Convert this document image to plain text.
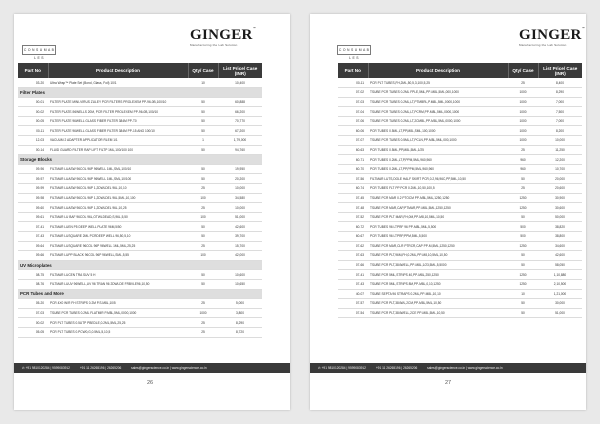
C O N S U M A B L E S
GINGER™
Manufacturing the Lab Solution
Part No	Product Description	Qty/ Case	List Price/ Case (INR)
03-20	Ultra Wrap™ Plate Set (Bond, Glass, Foil) 10/1	10	10,400
Filter Plates			
00-01	FILTER PLATE MINI-VIRUS ZULEY PCR FILTERS PROLEXEM PP-96-0B,100/10	50	60,888
00-02	FILTER PLATE-96WELLS 20M, PCR FILTER PROLEXEM PP-96-0B,100/10	50	66,200
00-05	FILTER PLATE 96WELL GLASS FIBER FILTER 384M PP-T0	50	70,770
00-11	FILTER PLATE 96WELL GLASS FIBER FILTER 384M PP-15 ANG 100/10	50	67,200
12-03	VACUUM 2 ADAPTER APPLICATOR RLEM 1/1	1	1,79,000
00-14	FLUID GUARD FILTER RAP LIFT FILTP 1ML,100/100 100	50	94,760
Storage Blocks			
09-96	FILTMAR LUASW 96COL 96P 96WELL 1ML,SML,100/10	50	19,950
09-97	FILTMAR LUASW 96COL 96P 96WELL 1ML,SML,10/100	50	20,200
09-99	FILTMAR LUASW 96COL 96P 1,2DWLDEL 96L,10,10	25	10,000
09-98	FILTMAR LUASW 96COL 96P 1,2DWLDEL 96L,5ML,10,100	100	34,580
09-60	FILTMAR LUASW 96COL 96P 1,2DWLDEL 96L,10,25	25	10,000
09-61	FILTMAR LU BAF 96COL 96L,OTWLDEAD,S,96L,5,50	100	51,000
07-41	FILTMAR LUEN P5 DEEP WELL PLATE 96M,5/50	50	42,600
07-43	FILTMAR LUSQUARE 2ML PCRDEEP WELL 96,50,5,10	50	39,700
09-64	FILTMAR LUSQUARE 96COL 96P 96WELL 1ML,5ML,25,25	25	15,700
09-66	FILTMAR LUPP BLACK 96COL 96P 96WELL,SML,5,55	100	42,000
UV Microplates			
08-75	FILTMAR LUCEN TRA SUV 5 H	50	10,600
08-76	FILTMAR LUUV 96WELL,UV 96 TRAN 96 2DWLDE FRBVLE96,10,50	50	10,650
PCR Tubes and More			
05-20	PCR 4X0 W/R FH STRIPS 0.2M P.S.M8L,10/5	25	5,000
07-03	TSUBE PCR TUBES 0.2ML FLATMIR P.M8L,5ML,0000,1000	1000	3,800
00-02	PCR PLT TUBES 0.5UTP PBEDLE,0.2ML,5ML,25,25	25	8,290
05-05	PCR PLT TUBES 0.PCW0,G,0.5ML,5,10,5	25	8,720
✆ +91 9810120284 | 9599083912	+91 11 26265196 | 26265206	sales@gingerscience.co.in | www.gingerscience.co.in
26
C O N S U M A B L E S
GINGER™
Manufacturing the Lab Solution
Part No	Product Description	Qty/ Case	List Price/ Case (INR)
00-11	PCR PLT TUBES,FH,2ML,50,5,3,100,5,25	25	8,400
07-02	TSUBE PCR TUBES 0.2ML FPLE,5ML,PP-M8L,5ML,000,1000	1000	8,290
07-03	TSUBE PCR TUBES 0.2ML,LT,PTMBRL,P.M8L,5ML,0000,1000	1000	7,000
07-04	TSUBE PCR TUBES 0.2ML,LT,PCRM,PP-M8L,5ML,0000,1000	1000	7,500
07-06	TSUBE PCR TUBES 0.2ML,LT,2CMBL,PP-M8L,5ML,0000,1000	1000	7,000
60-06	PCR TUBES 0.5ML,LT,PP,M8L,SML,100,1000	1000	8,200
07-07	TSUBE PCR TUBES 0.5ML,LT,PCLN,PP-M8L,5ML,000,1000	1000	10,000
60-63	PCR TUBES 0.5ML,PP,M8L,5ML,1/25	25	11,250
60-71	PCR TUBES 0.2ML,LT,P,PPM,5ML,960,960	960	12,200
60-70	PCR TUBES 0.2ML,LT,PP,PPM,5ML,960,960	960	10,700
07-56	FILTMAR LUTS,DOLE HALF SKIRT PCR,0.2,96,96C,PP,5ML,10,50	50	20,000
60-74	PCR TUBES FLT PP PCR 0.2ML,10,50,100,5	25	20,600
07-45	TSUBE PCR MAR 0.2 PTOCM PP-M8L,5ML,1250,1250	1250	30,900
07-48	TSUBE PCR MAR,CAP,PTMAR,PP-M8L,5ML,1250,1250	1250	30,600
07-52	TSUBE PCR PLT MAR,FH,0M,PP-M8,10,5ML,10,50	50	50,000
60-72	PCR TUBES 96 LTPRF 96 PP-M8L,5ML,5,500	500	38,820
60-67	PCR TUBES 96 LTPRP,PPM,5ML,5,500	500	38,800
07-62	TSUBE PCR MAR,CLR PTRCR,CAP PP-M,5ML,1250,1250	1250	34,600
07-63	TSUBE PCR PLT,96M,FH,0.2ML,PP-M8,10,5ML,10,50	50	42,600
07-66	TSUBE PCR PLT,384WELL,PP-M8L,1/23,5ML,5,5000	50	58,050
07-41	TSUBE PCR 5ML,STRIPS 40,PP-M8L,250,1250	1250	1,10,880
07-43	TSUBE PCR 5ML,STRIPS 8M,PP-M8L,0,10,1250	1250	2,10,500
40-07	TSUBE SEPTA 96 STRAPS 0.2ML,PP-M8L,10,10	10	1,21,000
07-57	TSUBE PCR PLT,384WL,2CM,PP-M8L,5ML,10,50	50	30,000
07-54	TSUBE PCR PLT,384WELL,2CE PP-M8L,5ML,10,50	50	51,000
✆ +91 9810120284 | 9599083912	+91 11 26265196 | 26265206	sales@gingerscience.co.in | www.gingerscience.co.in
27
